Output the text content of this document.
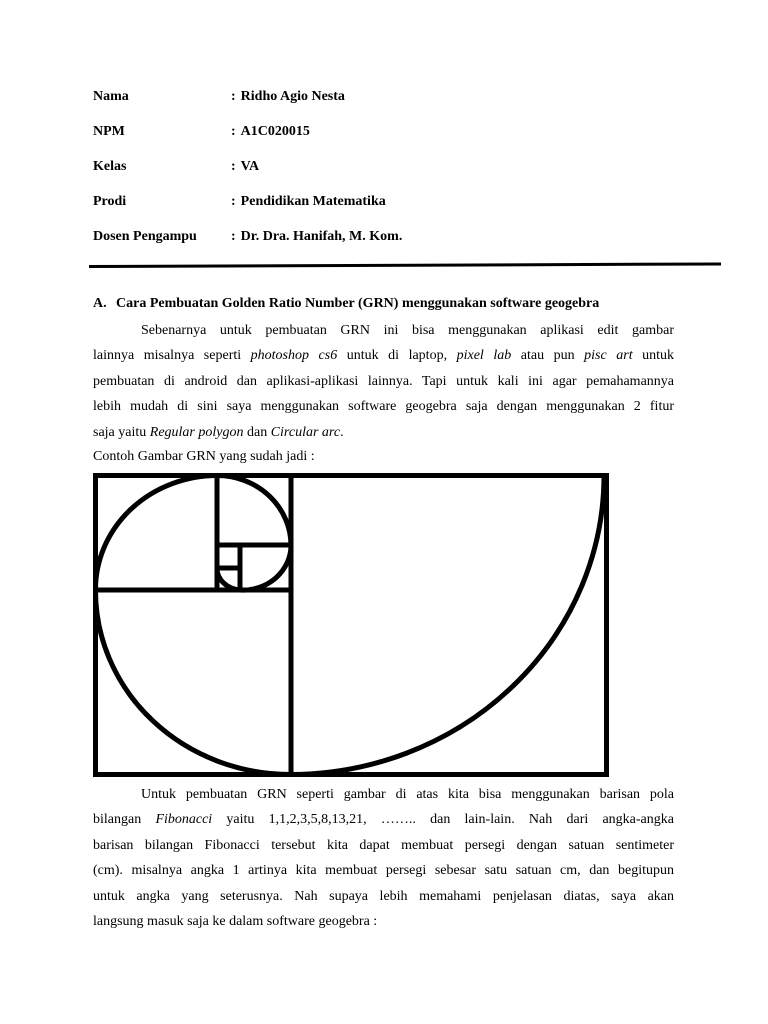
Nama	: Ridho Agio Nesta
NPM	: A1C020015
Kelas	: VA
Prodi	: Pendidikan Matematika
Dosen Pengampu : Dr. Dra. Hanifah, M. Kom.
A. Cara Pembuatan Golden Ratio Number (GRN) menggunakan software geogebra
Sebenarnya untuk pembuatan GRN ini bisa menggunakan aplikasi edit gambar
lainnya misalnya seperti photoshop cs6 untuk di laptop, pixel lab atau pun pisc art untuk
pembuatan di android dan aplikasi-aplikasi lainnya. Tapi untuk kali ini agar pemahamannya
lebih mudah di sini saya menggunakan software geogebra saja dengan menggunakan 2 fitur
saja yaitu Regular polygon dan Circular arc.
Contoh Gambar GRN yang sudah jadi :
Untuk pembuatan GRN seperti gambar di atas kita bisa menggunakan barisan pola
bilangan Fibonacci yaitu 1,1,2,3,5,8,13,21, …….. dan lain-lain. Nah dari angka-angka
barisan bilangan Fibonacci tersebut kita dapat membuat persegi dengan satuan sentimeter
(cm). misalnya angka 1 artinya kita membuat persegi sebesar satu satuan cm, dan begitupun
untuk angka yang seterusnya. Nah supaya lebih memahami penjelasan diatas, saya akan
langsung masuk saja ke dalam software geogebra :
